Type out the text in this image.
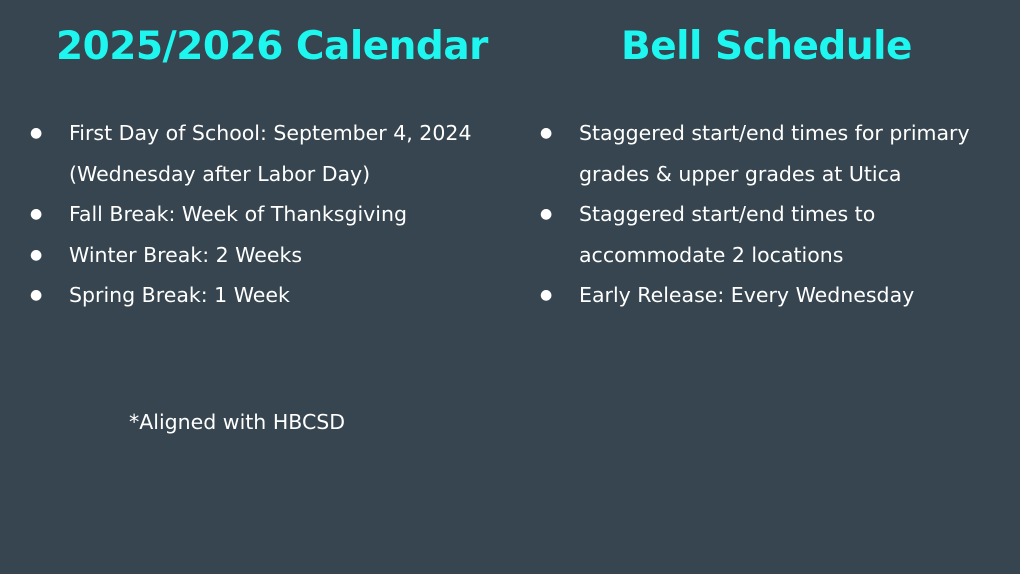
2025/2026 Calendar
● First Day of School: September 4, 2024 (Wednesday after Labor Day)
● Fall Break: Week of Thanksgiving
● Winter Break: 2 Weeks
● Spring Break: 1 Week

*Aligned with HBCSD

Bell Schedule
● Staggered start/end times for primary grades & upper grades at Utica
● Staggered start/end times to accommodate 2 locations
● Early Release: Every Wednesday
